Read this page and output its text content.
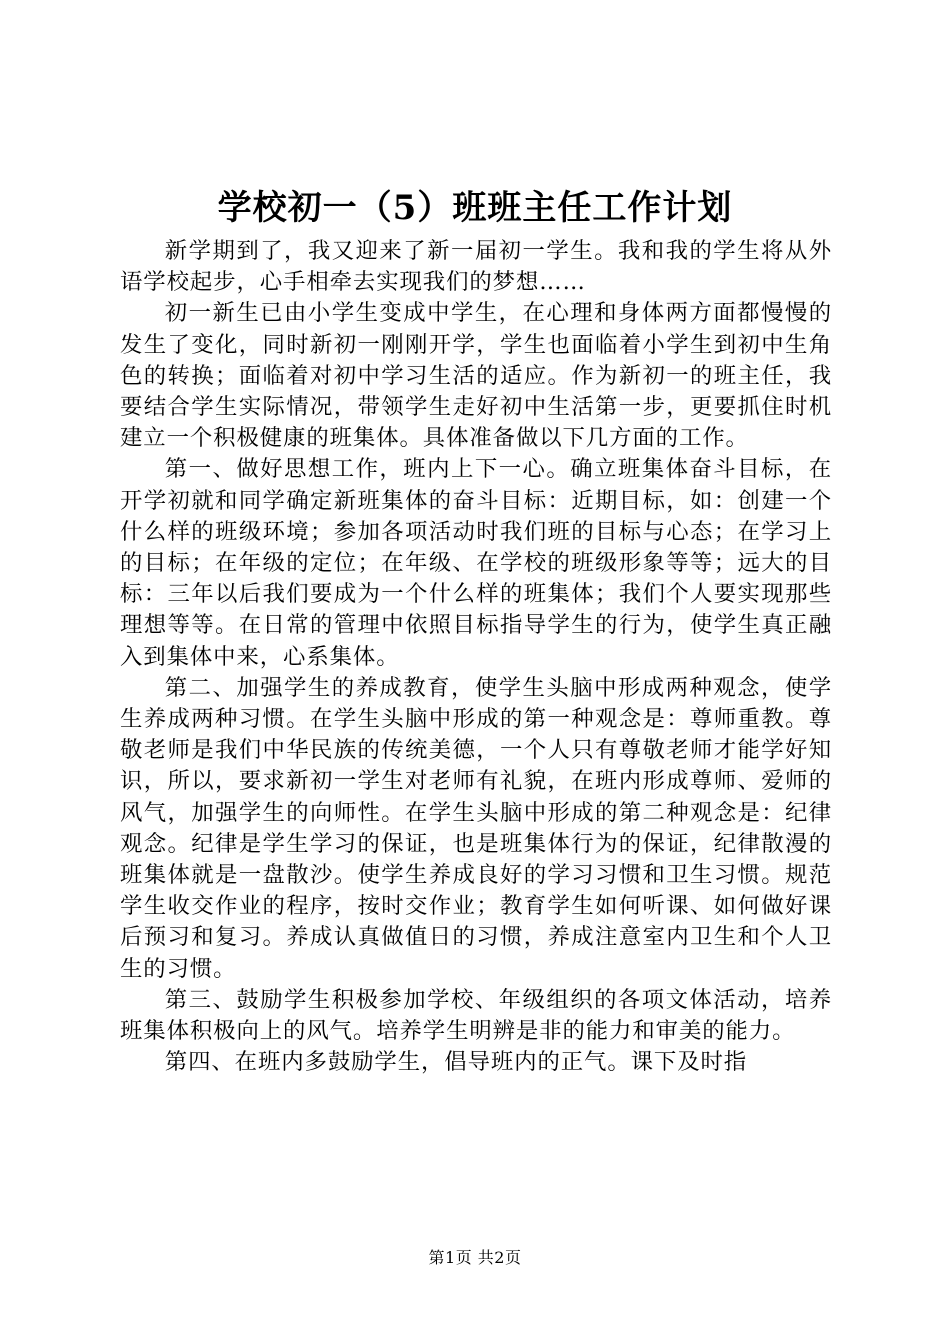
学校初一（5）班班主任工作计划

新学期到了，我又迎来了新一届初一学生。我和我的学生将从外语学校起步，心手相牵去实现我们的梦想……

初一新生已由小学生变成中学生，在心理和身体两方面都慢慢的发生了变化，同时新初一刚刚开学，学生也面临着小学生到初中生角色的转换；面临着对初中学习生活的适应。作为新初一的班主任，我要结合学生实际情况，带领学生走好初中生活第一步，更要抓住时机建立一个积极健康的班集体。具体准备做以下几方面的工作。

第一、做好思想工作，班内上下一心。确立班集体奋斗目标，在开学初就和同学确定新班集体的奋斗目标：近期目标，如：创建一个什么样的班级环境；参加各项活动时我们班的目标与心态；在学习上的目标；在年级的定位；在年级、在学校的班级形象等等；远大的目标：三年以后我们要成为一个什么样的班集体；我们个人要实现那些理想等等。在日常的管理中依照目标指导学生的行为，使学生真正融入到集体中来，心系集体。

第二、加强学生的养成教育，使学生头脑中形成两种观念，使学生养成两种习惯。在学生头脑中形成的第一种观念是：尊师重教。尊敬老师是我们中华民族的传统美德，一个人只有尊敬老师才能学好知识，所以，要求新初一学生对老师有礼貌，在班内形成尊师、爱师的风气，加强学生的向师性。在学生头脑中形成的第二种观念是：纪律观念。纪律是学生学习的保证，也是班集体行为的保证，纪律散漫的班集体就是一盘散沙。使学生养成良好的学习习惯和卫生习惯。规范学生收交作业的程序，按时交作业；教育学生如何听课、如何做好课后预习和复习。养成认真做值日的习惯，养成注意室内卫生和个人卫生的习惯。

第三、鼓励学生积极参加学校、年级组织的各项文体活动，培养班集体积极向上的风气。培养学生明辨是非的能力和审美的能力。

第四、在班内多鼓励学生，倡导班内的正气。课下及时指

第1页 共2页
